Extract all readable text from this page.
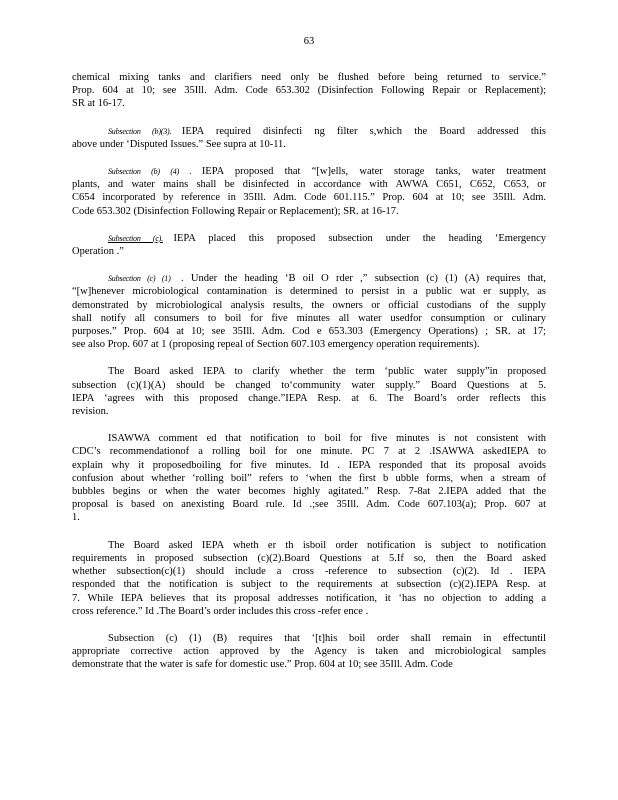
63
chemical mixing tanks and clarifiers need only be flushed before being returned to service.”
Prop. 604 at 10; see 35Ill. Adm. Code 653.302 (Disinfection Following Repair or Replacement);
SR at 16-17.
Subsection (b)(3).  IEPA required disinfecti ng filter s,which the Board addressed this
above under ‘Disputed Issues.” See supra at 10-11.
Subsection (b) (4) .  IEPA proposed that “[w]ells, water storage tanks, water treatment
plants, and water mains shall be disinfected in accordance with AWWA C651, C652, C653, or
C654 incorporated by reference in 35Ill. Adm. Code 601.115.” Prop. 604 at 10; see 35Ill. Adm.
Code 653.302 (Disinfection Following Repair or Replacement); SR. at 16-17.
Subsection (c).  IEPA placed this proposed subsection under the heading ‘Emergency
Operation .”
Subsection (c) (1)  . Under the heading ‘B oil O rder ,” subsection (c) (1) (A) requires that,
“[w]henever microbiological contamination is determined to persist in a public wat er supply, as
demonstrated by microbiological analysis results, the owners or official custodians of the supply
shall notify all consumers to boil for five minutes all water usedfor consumption or culinary
purposes.” Prop. 604 at 10; see 35Ill. Adm. Cod e 653.303 (Emergency Operations) ; SR. at 17;
see also Prop. 607 at 1 (proposing repeal of Section 607.103 emergency operation requirements).
The Board asked IEPA to clarify whether the term ‘public water supply”in proposed
subsection (c)(1)(A) should be changed to‘community water supply.” Board Questions at 5.
IEPA ‘agrees with this proposed change.”IEPA Resp. at 6. The Board’s order reflects this
revision.
ISAWWA comment ed that notification to boil for five minutes is not consistent with
CDC’s recommendationof a rolling boil for one minute. PC 7 at 2 .ISAWWA askedIEPA to
explain why it proposedboiling for five minutes. Id . IEPA responded that its proposal avoids
confusion about whether ‘rolling boil” refers to ‘when the first b ubble forms, when a stream of
bubbles begins or when the water becomes highly agitated.” Resp. 7-8at 2.IEPA added that the
proposal is based on anexisting Board rule. Id .;see 35Ill. Adm. Code 607.103(a); Prop. 607 at
1.
The Board asked IEPA wheth er th isboil order notification is subject to notification
requirements in proposed subsection (c)(2).Board Questions at 5.If so, then the Board asked
whether subsection(c)(1) should include a cross -reference to subsection (c)(2). Id . IEPA
responded that the notification is subject to the requirements at subsection (c)(2).IEPA Resp. at
7. While IEPA believes that its proposal addresses notification, it ‘has no objection to adding a
cross reference.” Id .The Board’s order includes this cross -refer ence .
Subsection (c) (1) (B) requires that ‘[t]his boil order shall remain in effectuntil
appropriate corrective action approved by the Agency is taken and microbiological samples
demonstrate that the water is safe for domestic use.” Prop. 604 at 10; see 35Ill. Adm. Code
